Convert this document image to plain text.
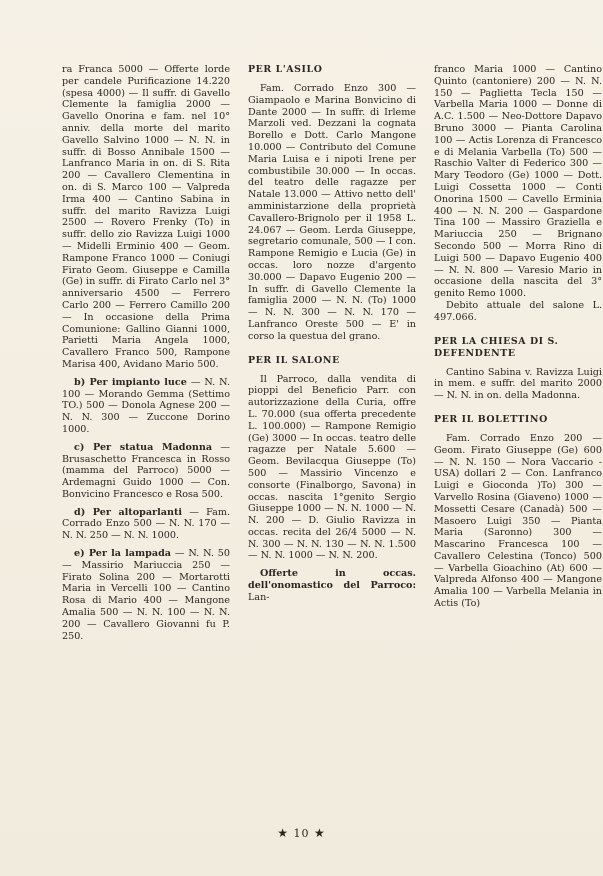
ra Franca 5000 — Offerte lorde per candele Purificazione 14.220 (spesa 4000) — Il suffr. di Gavello Clemente la famiglia 2000 — Gavello Onorina e fam. nel 10° anniv. della morte del marito Gavello Salvino 1000 — N. N. in suffr. di Bosso Annibale 1500 — Lanfranco Maria in on. di S. Rita 200 — Cavallero Clementina in on. di S. Marco 100 — Valpreda Irma 400 — Cantino Sabina in suffr. del marito Ravizza Luigi 2500 — Rovero Frenky (To) in suffr. dello zio Ravizza Luigi 1000 — Midelli Erminio 400 — Geom. Rampone Franco 1000 — Coniugi Firato Geom. Giuseppe e Camilla (Ge) in suffr. di Firato Carlo nel 3° anniversario 4500 — Ferrero Carlo 200 — Ferrero Camillo 200 — In occasione della Prima Comunione: Gallino Gianni 1000, Parietti Maria Angela 1000, Cavallero Franco 500, Rampone Marisa 400, Avidano Mario 500.

b) Per impianto luce — N. N. 100 — Morando Gemma (Settimo TO.) 500 — Donola Agnese 200 — N. N. 300 — Zuccone Dorino 1000.

c) Per statua Madonna — Brusaschetto Francesca in Rosso (mamma del Parroco) 5000 — Ardemagni Guido 1000 — Con. Bonvicino Francesco e Rosa 500.

d) Per altoparlanti — Fam. Corrado Enzo 500 — N. N. 170 — N. N. 250 — N. N. 1000.

e) Per la lampada — N. N. 50 — Massirio Mariuccia 250 — Firato Solina 200 — Mortarotti Maria in Vercelli 100 — Cantino Rosa di Mario 400 — Mangone Amalia 500 — N. N. 100 — N. N. 200 — Cavallero Giovanni fu P. 250.

PER L'ASILO

Fam. Corrado Enzo 300 — Giampaolo e Marina Bonvicino di Dante 2000 — In suffr. di Irleme Marzoli ved. Dezzani la cognata Borello e Dott. Carlo Mangone 10.000 — Contributo del Comune Maria Luisa e i nipoti Irene per combustibile 30.000 — In occas. del teatro delle ragazze per Natale 13.000 — Attivo netto dell' amministarzione della proprietà Cavallero-Brignolo per il 1958 L. 24.067 — Geom. Lerda Giuseppe, segretario comunale, 500 — I con. Rampone Remigio e Lucia (Ge) in occas. loro nozze d'argento 30.000 — Dapavo Eugenio 200 — In suffr. di Gavello Clemente la famiglia 2000 — N. N. (To) 1000 — N. N. 300 — N. N. 170 — Lanfranco Oreste 500 — E' in corso la questua del grano.

PER IL SALONE

Il Parroco, dalla vendita di pioppi del Beneficio Parr. con autorizzazione della Curia, offre L. 70.000 (sua offerta precedente L. 100.000) — Rampone Remigio (Ge) 3000 — In occas. teatro delle ragazze per Natale 5.600 — Geom. Bevilacqua Giuseppe (To) 500 — Massirio Vincenzo e consorte (Finalborgo, Savona) in occas. nascita 1°genito Sergio Giuseppe 1000 — N. N. 1000 — N. N. 200 — D. Giulio Ravizza in occas. recita del 26/4 5000 — N. N. 300 — N. N. 130 — N. N. 1.500 — N. N. 1000 — N. N. 200.

Offerte in occas. dell'onomastico del Parroco: Lan-

franco Maria 1000 — Cantino Quinto (cantoniere) 200 — N. N. 150 — Paglietta Tecla 150 — Varbella Maria 1000 — Donne di A.C. 1.500 — Neo-Dottore Dapavo Bruno 3000 — Pianta Carolina 100 — Actis Lorenza di Francesco e di Melania Varbella (To) 500 — Raschio Valter di Federico 300 — Mary Teodoro (Ge) 1000 — Dott. Luigi Cossetta 1000 — Conti Onorina 1500 — Cavello Erminia 400 — N. N. 200 — Gaspardone Tina 100 — Massiro Graziella e Mariuccia 250 — Brignano Secondo 500 — Morra Rino di Luigi 500 — Dapavo Eugenio 400 — N. N. 800 — Varesio Mario in occasione della nascita del 3° genito Remo 1000.

Debito attuale del salone L. 497.066.

PER LA CHIESA DI S. DEFENDENTE

Cantino Sabina v. Ravizza Luigi in mem. e suffr. del marito 2000 — N. N. in on. della Madonna.

PER IL BOLETTINO

Fam. Corrado Enzo 200 — Geom. Firato Giuseppe (Ge) 600 — N. N. 150 — Nora Vaccario -USA) dollari 2 — Con. Lanfranco Luigi e Gioconda )To) 300 — Varvello Rosina (Giaveno) 1000 — Mossetti Cesare (Canadà) 500 — Masoero Luigi 350 — Pianta Maria (Saronno) 300 — Mascarino Francesca 100 — Cavallero Celestina (Tonco) 500 — Varbella Gioachino (At) 600 — Valpreda Alfonso 400 — Mangone Amalia 100 — Varbella Melania in Actis (To)

★ 10 ★
